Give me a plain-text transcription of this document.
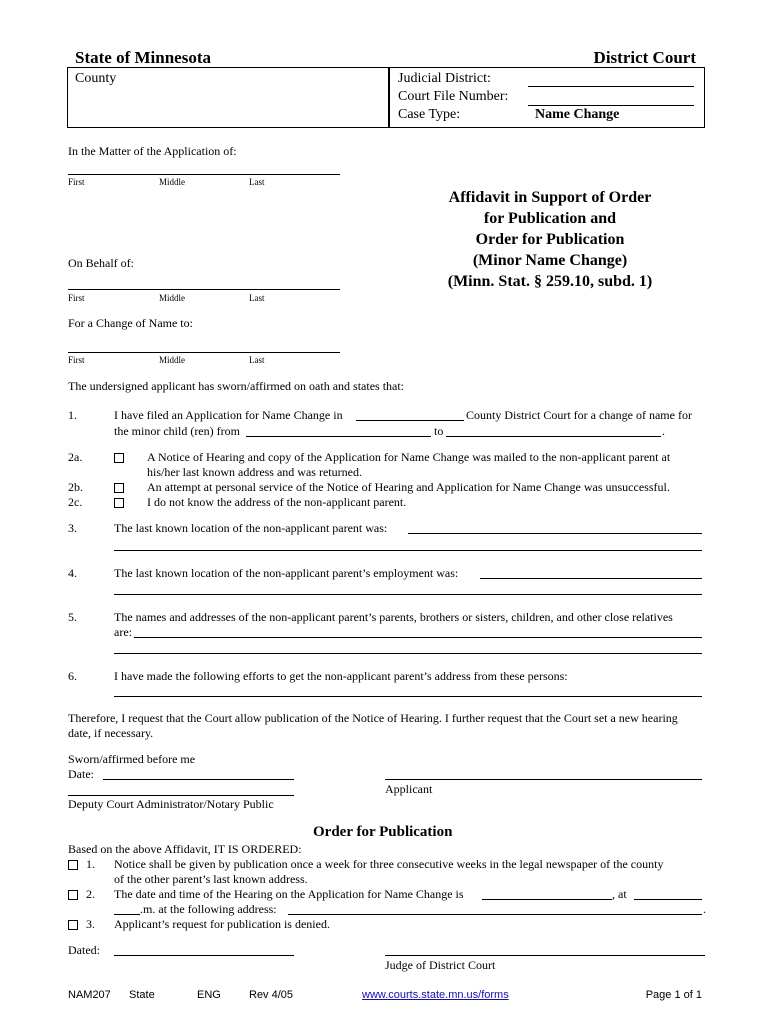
State of Minnesota	District Court
County	Judicial District:
Court File Number:
Case Type:	Name Change
In the Matter of the Application of:
First	Middle	Last
On Behalf of:
First	Middle	Last
For a Change of Name to:
First	Middle	Last
Affidavit in Support of Order
for Publication and
Order for Publication
(Minor Name Change)
(Minn. Stat. § 259.10, subd. 1)
The undersigned applicant has sworn/affirmed on oath and states that:
1.	I have filed an Application for Name Change in	County District Court for a change of name for
the minor child (ren) from	to	.
2a.	A Notice of Hearing and copy of the Application for Name Change was mailed to the non-applicant parent at
his/her last known address and was returned.
2b.	An attempt at personal service of the Notice of Hearing and Application for Name Change was unsuccessful.
2c.	I do not know the address of the non-applicant parent.
3.	The last known location of the non-applicant parent was:
4.	The last known location of the non-applicant parent’s employment was:
5.	The names and addresses of the non-applicant parent’s parents, brothers or sisters, children, and other close relatives
are:
6.	I have made the following efforts to get the non-applicant parent’s address from these persons:
Therefore, I request that the Court allow publication of the Notice of Hearing. I further request that the Court set a new hearing
date, if necessary.
Sworn/affirmed before me
Date:
Applicant
Deputy Court Administrator/Notary Public
Order for Publication
Based on the above Affidavit, IT IS ORDERED:
1. Notice shall be given by publication once a week for three consecutive weeks in the legal newspaper of the county
of the other parent’s last known address.
2. The date and time of the Hearing on the Application for Name Change is	, at
.m. at the following address:	.
3. Applicant’s request for publication is denied.
Dated:
Judge of District Court
NAM207 State	ENG	Rev 4/05	www.courts.state.mn.us/forms	Page 1 of 1
